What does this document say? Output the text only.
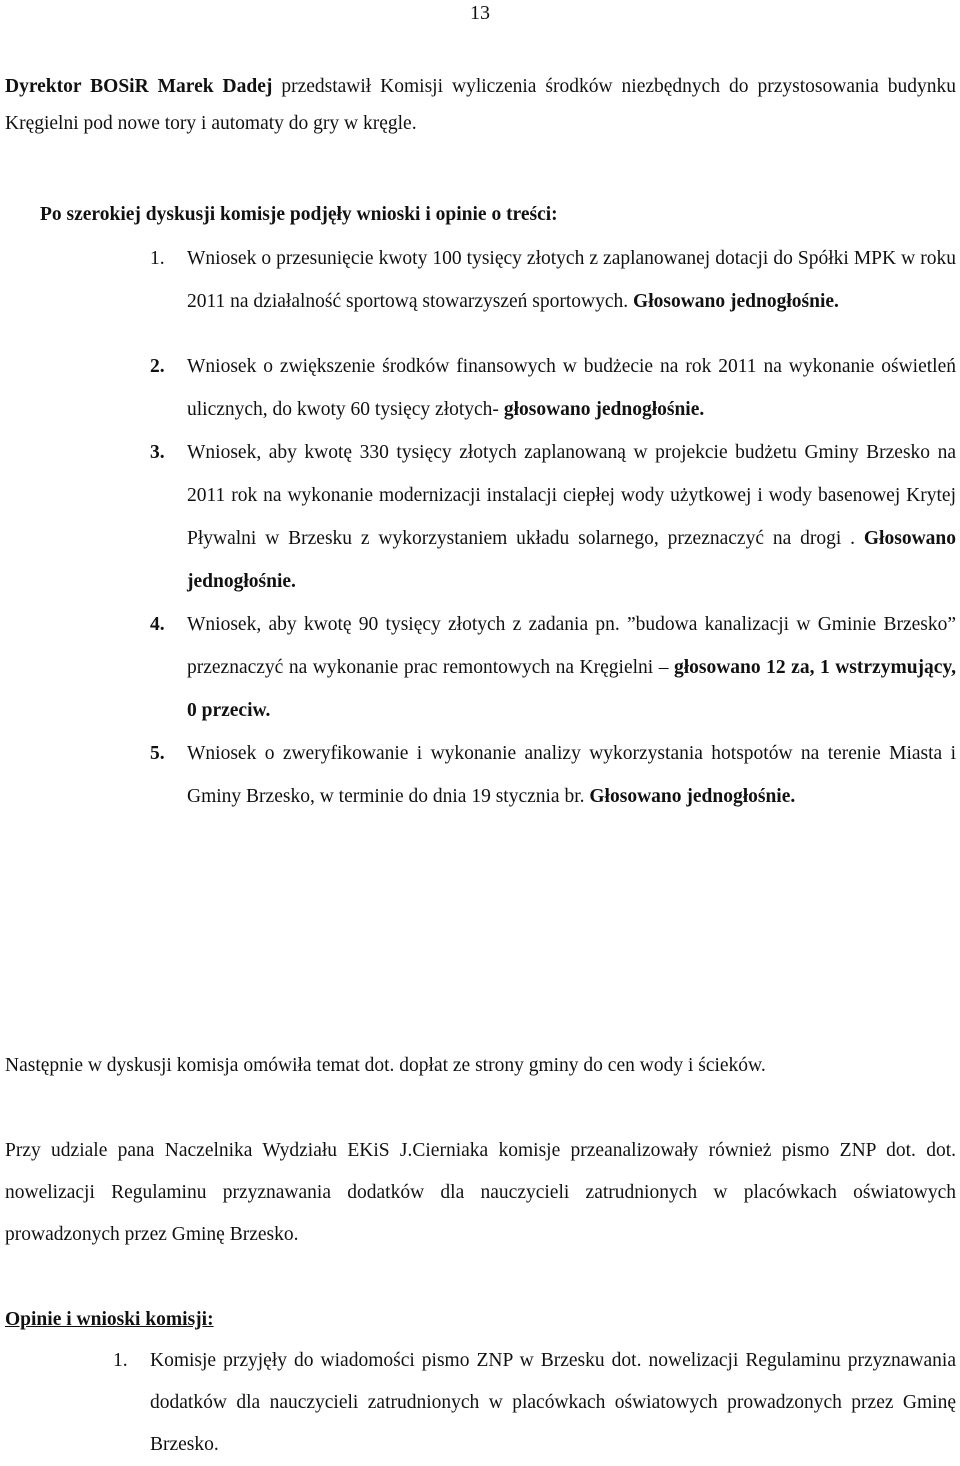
13

Dyrektor BOSiR Marek Dadej przedstawił Komisji wyliczenia środków niezbędnych do przystosowania budynku Kręgielni pod nowe tory i automaty do gry w kręgle.

Po szerokiej dyskusji komisje podjęły wnioski i opinie o treści:

1. Wniosek o przesunięcie kwoty 100 tysięcy złotych z zaplanowanej dotacji do Spółki MPK w roku 2011 na działalność sportową stowarzyszeń sportowych. Głosowano jednogłośnie.
2. Wniosek o zwiększenie środków finansowych w budżecie na rok 2011 na wykonanie oświetleń ulicznych, do kwoty 60 tysięcy złotych- głosowano jednogłośnie.
3. Wniosek, aby kwotę 330 tysięcy złotych zaplanowaną w projekcie budżetu Gminy Brzesko na 2011 rok na wykonanie modernizacji instalacji ciepłej wody użytkowej i wody basenowej Krytej Pływalni w Brzesku z wykorzystaniem układu solarnego, przeznaczyć na drogi . Głosowano jednogłośnie.
4. Wniosek, aby kwotę 90 tysięcy złotych z zadania pn. ”budowa kanalizacji w Gminie Brzesko” przeznaczyć na wykonanie prac remontowych na Kręgielni – głosowano 12 za, 1 wstrzymujący, 0 przeciw.
5. Wniosek o zweryfikowanie i wykonanie analizy wykorzystania hotspotów na terenie Miasta i Gminy Brzesko, w terminie do dnia 19 stycznia br. Głosowano jednogłośnie.

Następnie w dyskusji komisja omówiła temat dot. dopłat ze strony gminy do cen wody i ścieków.

Przy udziale pana Naczelnika Wydziału EKiS J.Cierniaka komisje przeanalizowały również pismo ZNP dot. dot. nowelizacji Regulaminu przyznawania dodatków dla nauczycieli zatrudnionych w placówkach oświatowych prowadzonych przez Gminę Brzesko.

Opinie i wnioski komisji:

1. Komisje przyjęły do wiadomości pismo ZNP w Brzesku dot. nowelizacji Regulaminu przyznawania dodatków dla nauczycieli zatrudnionych w placówkach oświatowych prowadzonych przez Gminę Brzesko.
